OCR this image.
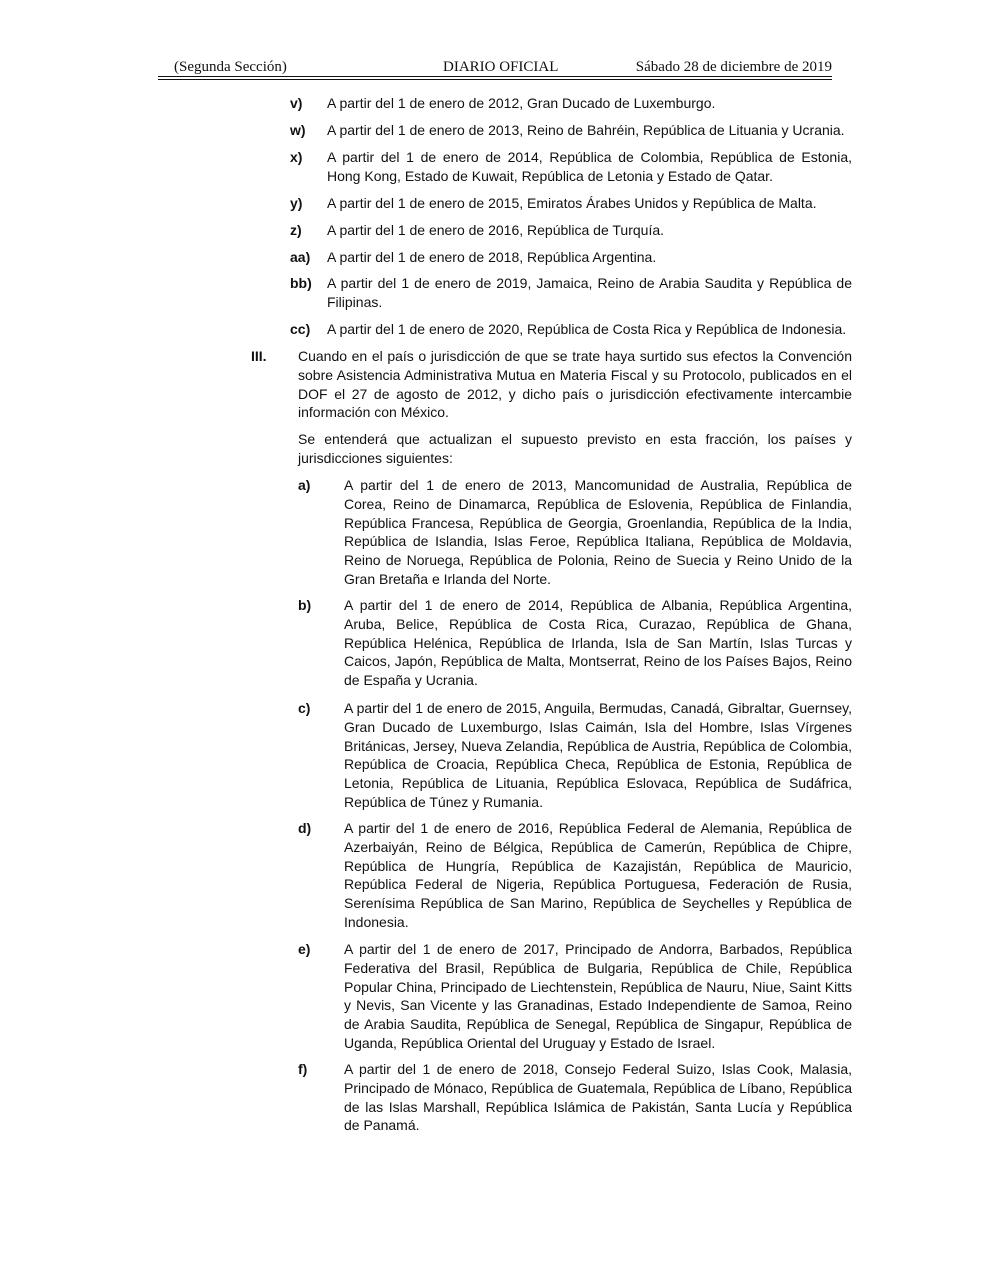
(Segunda Sección)	DIARIO OFICIAL	Sábado 28 de diciembre de 2019
v) A partir del 1 de enero de 2012, Gran Ducado de Luxemburgo.
w) A partir del 1 de enero de 2013, Reino de Bahréin, República de Lituania y Ucrania.
x) A partir del 1 de enero de 2014, República de Colombia, República de Estonia, Hong Kong, Estado de Kuwait, República de Letonia y Estado de Qatar.
y) A partir del 1 de enero de 2015, Emiratos Árabes Unidos y República de Malta.
z) A partir del 1 de enero de 2016, República de Turquía.
aa) A partir del 1 de enero de 2018, República Argentina.
bb) A partir del 1 de enero de 2019, Jamaica, Reino de Arabia Saudita y República de Filipinas.
cc) A partir del 1 de enero de 2020, República de Costa Rica y República de Indonesia.
III. Cuando en el país o jurisdicción de que se trate haya surtido sus efectos la Convención sobre Asistencia Administrativa Mutua en Materia Fiscal y su Protocolo, publicados en el DOF el 27 de agosto de 2012, y dicho país o jurisdicción efectivamente intercambie información con México.
Se entenderá que actualizan el supuesto previsto en esta fracción, los países y jurisdicciones siguientes:
a) A partir del 1 de enero de 2013, Mancomunidad de Australia, República de Corea, Reino de Dinamarca, República de Eslovenia, República de Finlandia, República Francesa, República de Georgia, Groenlandia, República de la India, República de Islandia, Islas Feroe, República Italiana, República de Moldavia, Reino de Noruega, República de Polonia, Reino de Suecia y Reino Unido de la Gran Bretaña e Irlanda del Norte.
b) A partir del 1 de enero de 2014, República de Albania, República Argentina, Aruba, Belice, República de Costa Rica, Curazao, República de Ghana, República Helénica, República de Irlanda, Isla de San Martín, Islas Turcas y Caicos, Japón, República de Malta, Montserrat, Reino de los Países Bajos, Reino de España y Ucrania.
c) A partir del 1 de enero de 2015, Anguila, Bermudas, Canadá, Gibraltar, Guernsey, Gran Ducado de Luxemburgo, Islas Caimán, Isla del Hombre, Islas Vírgenes Británicas, Jersey, Nueva Zelandia, República de Austria, República de Colombia, República de Croacia, República Checa, República de Estonia, República de Letonia, República de Lituania, República Eslovaca, República de Sudáfrica, República de Túnez y Rumania.
d) A partir del 1 de enero de 2016, República Federal de Alemania, República de Azerbaiyán, Reino de Bélgica, República de Camerún, República de Chipre, República de Hungría, República de Kazajistán, República de Mauricio, República Federal de Nigeria, República Portuguesa, Federación de Rusia, Serenísima República de San Marino, República de Seychelles y República de Indonesia.
e) A partir del 1 de enero de 2017, Principado de Andorra, Barbados, República Federativa del Brasil, República de Bulgaria, República de Chile, República Popular China, Principado de Liechtenstein, República de Nauru, Niue, Saint Kitts y Nevis, San Vicente y las Granadinas, Estado Independiente de Samoa, Reino de Arabia Saudita, República de Senegal, República de Singapur, República de Uganda, República Oriental del Uruguay y Estado de Israel.
f)	A partir del 1 de enero de 2018, Consejo Federal Suizo, Islas Cook, Malasia, Principado de Mónaco, República de Guatemala, República de Líbano, República de las Islas Marshall, República Islámica de Pakistán, Santa Lucía y República de Panamá.
